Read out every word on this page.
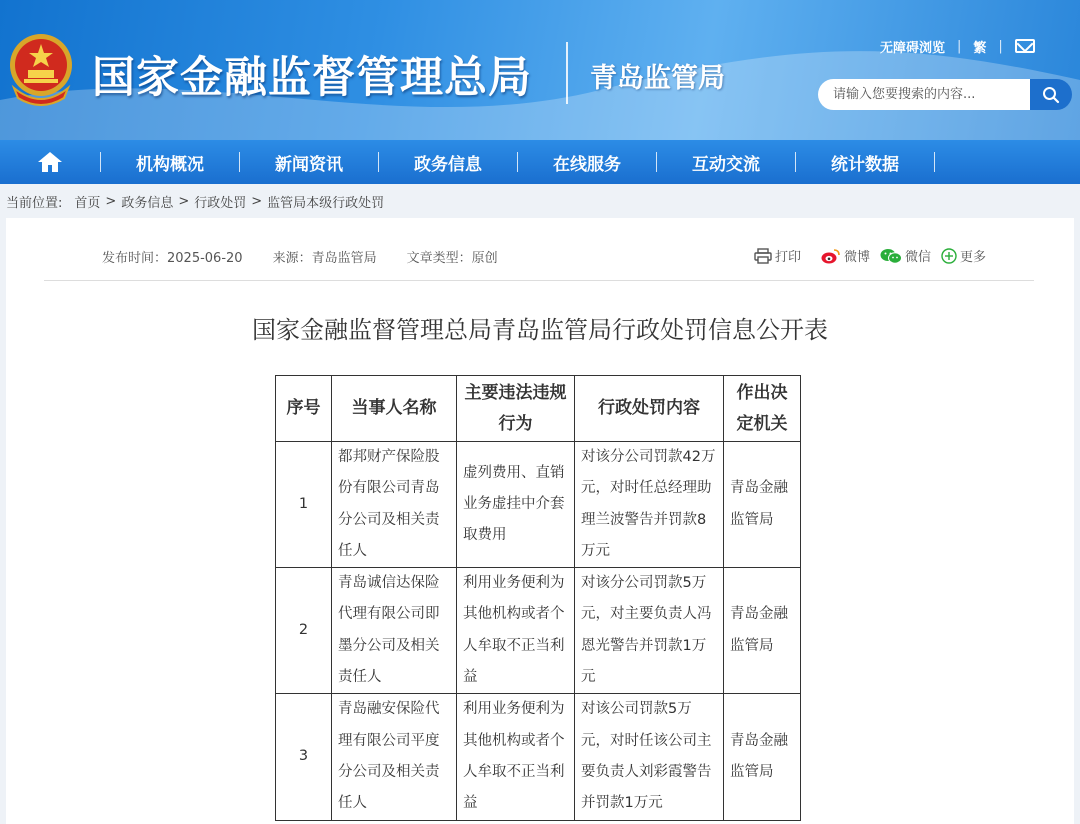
国家金融监督管理总局 青岛监管局
无障碍浏览 | 繁 |
请输入您要搜索的内容...
机构概况	新闻资讯	政务信息	在线服务	互动交流	统计数据
当前位置: 首页 > 政务信息 > 行政处罚 > 监管局本级行政处罚
发布时间：2025-06-20 来源：青岛监管局 文章类型：原创	打印	微博	微信 更多
国家金融监督管理总局青岛监管局行政处罚信息公开表
序号	当事人名称	主要违法违规行为	行政处罚内容	作出决定机关
1	都邦财产保险股份有限公司青岛分公司及相关责任人	虚列费用、直销业务虚挂中介套取费用	对该分公司罚款42万元，对时任总经理助理兰波警告并罚款8万元	青岛金融监管局
2	青岛诚信达保险代理有限公司即墨分公司及相关责任人	利用业务便利为其他机构或者个人牟取不正当利益	对该分公司罚款5万元，对主要负责人冯恩光警告并罚款1万元	青岛金融监管局
3	青岛融安保险代理有限公司平度分公司及相关责任人	利用业务便利为其他机构或者个人牟取不正当利益	对该公司罚款5万元，对时任该公司主要负责人刘彩霞警告并罚款1万元	青岛金融监管局
